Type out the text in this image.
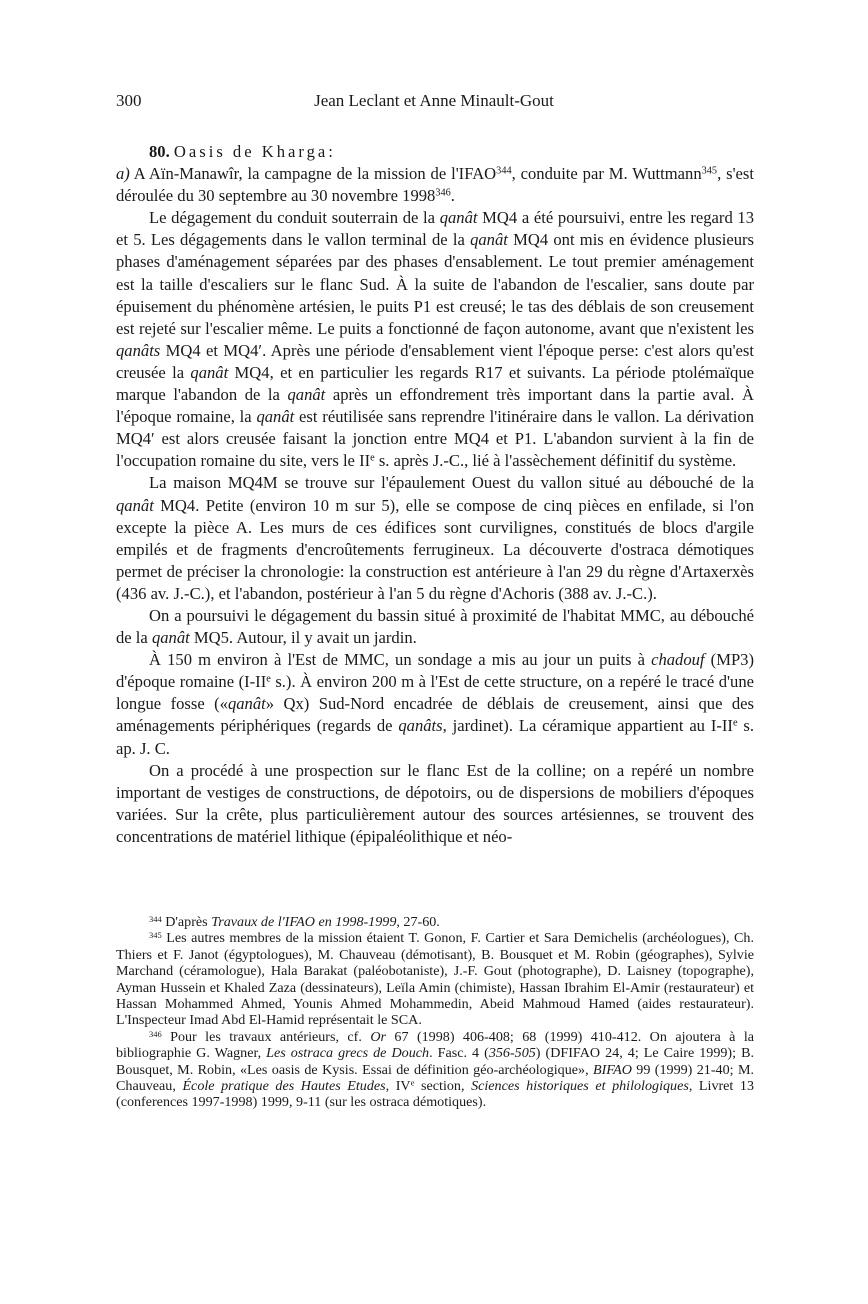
300	Jean Leclant et Anne Minault-Gout

80. Oasis de Kharga:
a) A Aïn-Manawîr, la campagne de la mission de l'IFAO$^{344}$, conduite par M. Wuttmann$^{345}$, s'est déroulée du 30 septembre au 30 novembre 1998$^{346}$.

Le dégagement du conduit souterrain de la qanât MQ4 a été poursuivi, entre les regard 13 et 5. Les dégagements dans le vallon terminal de la qanât MQ4 ont mis en évidence plusieurs phases d'aménagement séparées par des phases d'ensablement. Le tout premier aménagement est la taille d'escaliers sur le flanc Sud. À la suite de l'abandon de l'escalier, sans doute par épuisement du phénomène artésien, le puits P1 est creusé; le tas des déblais de son creusement est rejeté sur l'escalier même. Le puits a fonctionné de façon autonome, avant que n'existent les qanâts MQ4 et MQ4′. Après une période d'ensablement vient l'époque perse: c'est alors qu'est creusée la qanât MQ4, et en particulier les regards R17 et suivants. La période ptolémaïque marque l'abandon de la qanât après un effondrement très important dans la partie aval. À l'époque romaine, la qanât est réutilisée sans reprendre l'itinéraire dans le vallon. La dérivation MQ4′ est alors creusée faisant la jonction entre MQ4 et P1. L'abandon survient à la fin de l'occupation romaine du site, vers le IIe s. après J.-C., lié à l'assèchement définitif du système.

La maison MQ4M se trouve sur l'épaulement Ouest du vallon situé au débouché de la qanât MQ4. Petite (environ 10 m sur 5), elle se compose de cinq pièces en enfilade, si l'on excepte la pièce A. Les murs de ces édifices sont curvilignes, constitués de blocs d'argile empilés et de fragments d'encroûtements ferrugineux. La découverte d'ostraca démotiques permet de préciser la chronologie: la construction est antérieure à l'an 29 du règne d'Artaxerxès (436 av. J.-C.), et l'abandon, postérieur à l'an 5 du règne d'Achoris (388 av. J.-C.).

On a poursuivi le dégagement du bassin situé à proximité de l'habitat MMC, au débouché de la qanât MQ5. Autour, il y avait un jardin.

À 150 m environ à l'Est de MMC, un sondage a mis au jour un puits à chadouf (MP3) d'époque romaine (I-IIe s.). À environ 200 m à l'Est de cette structure, on a repéré le tracé d'une longue fosse («qanât» Qx) Sud-Nord encadrée de déblais de creusement, ainsi que des aménagements périphériques (regards de qanâts, jardinet). La céramique appartient au I-IIe s. ap. J. C.

On a procédé à une prospection sur le flanc Est de la colline; on a repéré un nombre important de vestiges de constructions, de dépotoirs, ou de dispersions de mobiliers d'époques variées. Sur la crête, plus particulièrement autour des sources artésiennes, se trouvent des concentrations de matériel lithique (épipaléolithique et néo-

$^{344}$ D'après Travaux de l'IFAO en 1998-1999, 27-60.

$^{345}$ Les autres membres de la mission étaient T. Gonon, F. Cartier et Sara Demichelis (archéologues), Ch. Thiers et F. Janot (égyptologues), M. Chauveau (démotisant), B. Bousquet et M. Robin (géographes), Sylvie Marchand (céramologue), Hala Barakat (paléobotaniste), J.-F. Gout (photographe), D. Laisney (topographe), Ayman Hussein et Khaled Zaza (dessinateurs), Leïla Amin (chimiste), Hassan Ibrahim El-Amir (restaurateur) et Hassan Mohammed Ahmed, Younis Ahmed Mohammedin, Abeid Mahmoud Hamed (aides restaurateur). L'Inspecteur Imad Abd El-Hamid représentait le SCA.

$^{346}$ Pour les travaux antérieurs, cf. Or 67 (1998) 406-408; 68 (1999) 410-412. On ajoutera à la bibliographie G. Wagner, Les ostraca grecs de Douch. Fasc. 4 (356-505) (DFIFAO 24, 4; Le Caire 1999); B. Bousquet, M. Robin, «Les oasis de Kysis. Essai de définition géo-archéologique», BIFAO 99 (1999) 21-40; M. Chauveau, École pratique des Hautes Etudes, IVe section, Sciences historiques et philologiques, Livret 13 (conferences 1997-1998) 1999, 9-11 (sur les ostraca démotiques).
